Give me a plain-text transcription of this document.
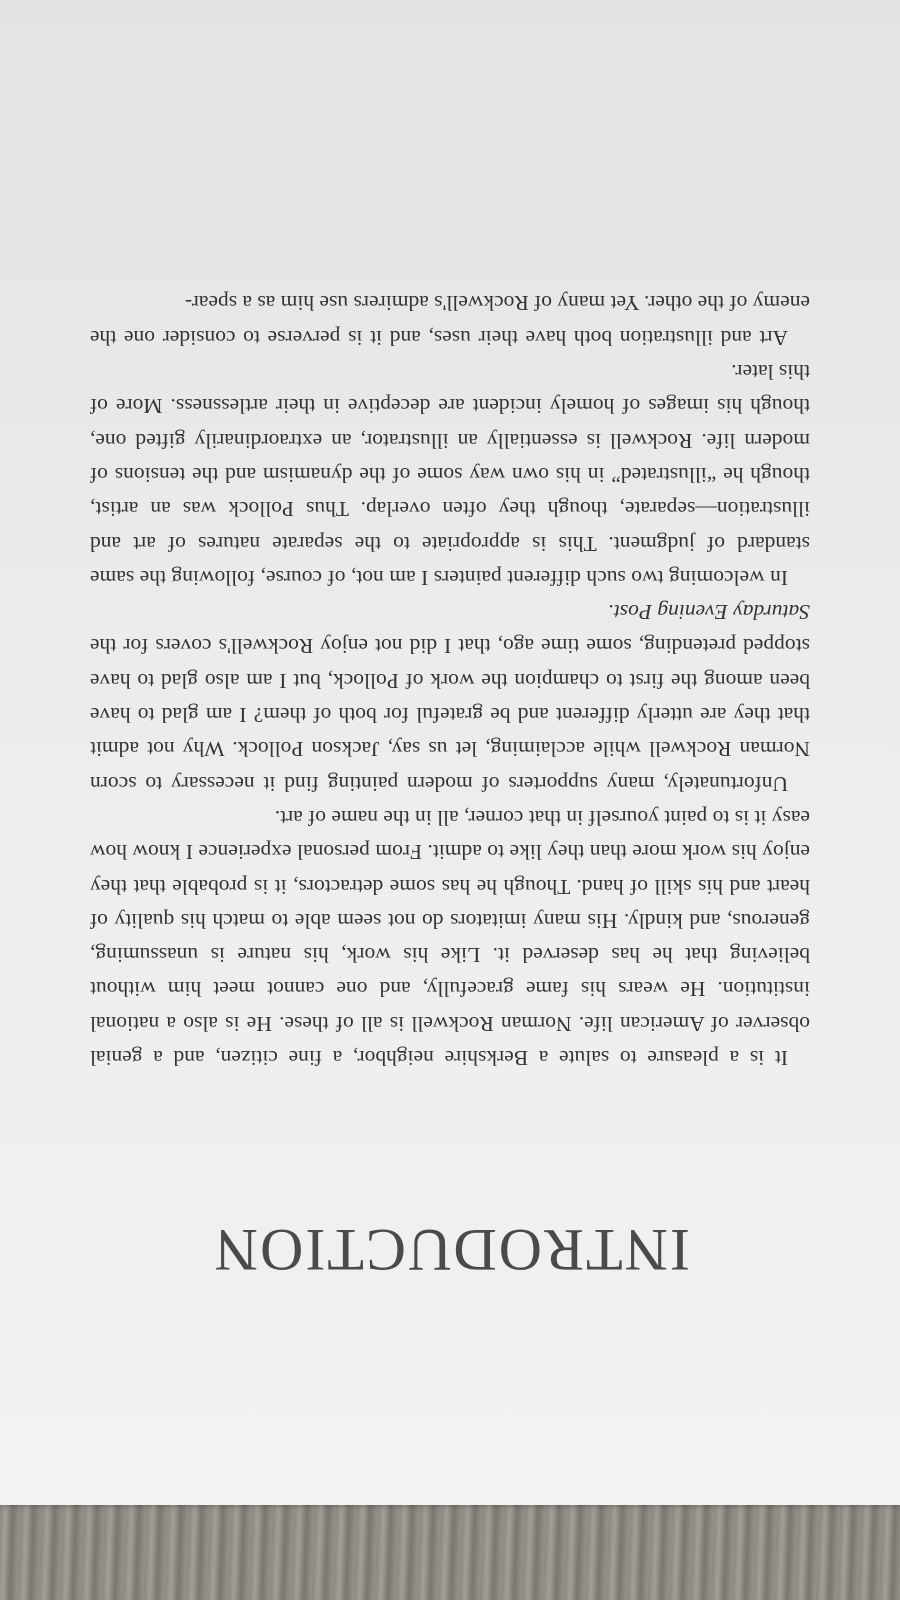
INTRODUCTION

It is a pleasure to salute a Berkshire neighbor, a fine citizen, and a genial observer of American life. Norman Rockwell is all of these. He is also a national institution. He wears his fame gracefully, and one cannot meet him without believing that he has deserved it. Like his work, his nature is unassuming, generous, and kindly. His many imitators do not seem able to match his quality of heart and his skill of hand. Though he has some detractors, it is probable that they enjoy his work more than they like to admit. From personal experience I know how easy it is to paint yourself in that corner, all in the name of art.

Unfortunately, many supporters of modern painting find it necessary to scorn Norman Rockwell while acclaiming, let us say, Jackson Pollock. Why not admit that they are utterly different and be grateful for both of them? I am glad to have been among the first to champion the work of Pollock, but I am also glad to have stopped pretending, some time ago, that I did not enjoy Rockwell's covers for the Saturday Evening Post.

In welcoming two such different painters I am not, of course, following the same standard of judgment. This is appropriate to the separate natures of art and illustration—separate, though they often overlap. Thus Pollock was an artist, though he “illustrated” in his own way some of the dynamism and the tensions of modern life. Rockwell is essentially an illustrator, an extraordinarily gifted one, though his images of homely incident are deceptive in their artlessness. More of this later.

Art and illustration both have their uses, and it is perverse to consider one the enemy of the other. Yet many of Rockwell's admirers use him as a spear-
